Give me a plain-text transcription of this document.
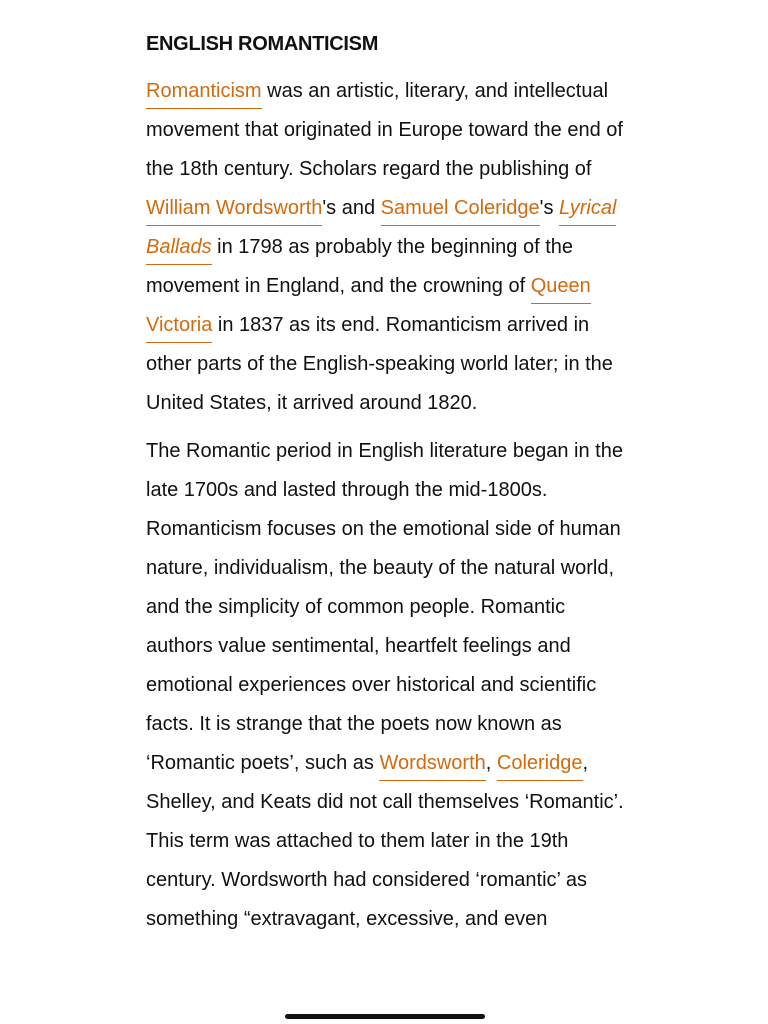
ENGLISH ROMANTICISM

Romanticism was an artistic, literary, and intellectual movement that originated in Europe toward the end of the 18th century. Scholars regard the publishing of William Wordsworth's and Samuel Coleridge's Lyrical Ballads in 1798 as probably the beginning of the movement in England, and the crowning of Queen Victoria in 1837 as its end. Romanticism arrived in other parts of the English-speaking world later; in the United States, it arrived around 1820.

The Romantic period in English literature began in the late 1700s and lasted through the mid-1800s. Romanticism focuses on the emotional side of human nature, individualism, the beauty of the natural world, and the simplicity of common people. Romantic authors value sentimental, heartfelt feelings and emotional experiences over historical and scientific facts. It is strange that the poets now known as ‘Romantic poets’, such as Wordsworth, Coleridge, Shelley, and Keats did not call themselves ‘Romantic’. This term was attached to them later in the 19th century. Wordsworth had considered ‘romantic’ as something “extravagant, excessive, and even
